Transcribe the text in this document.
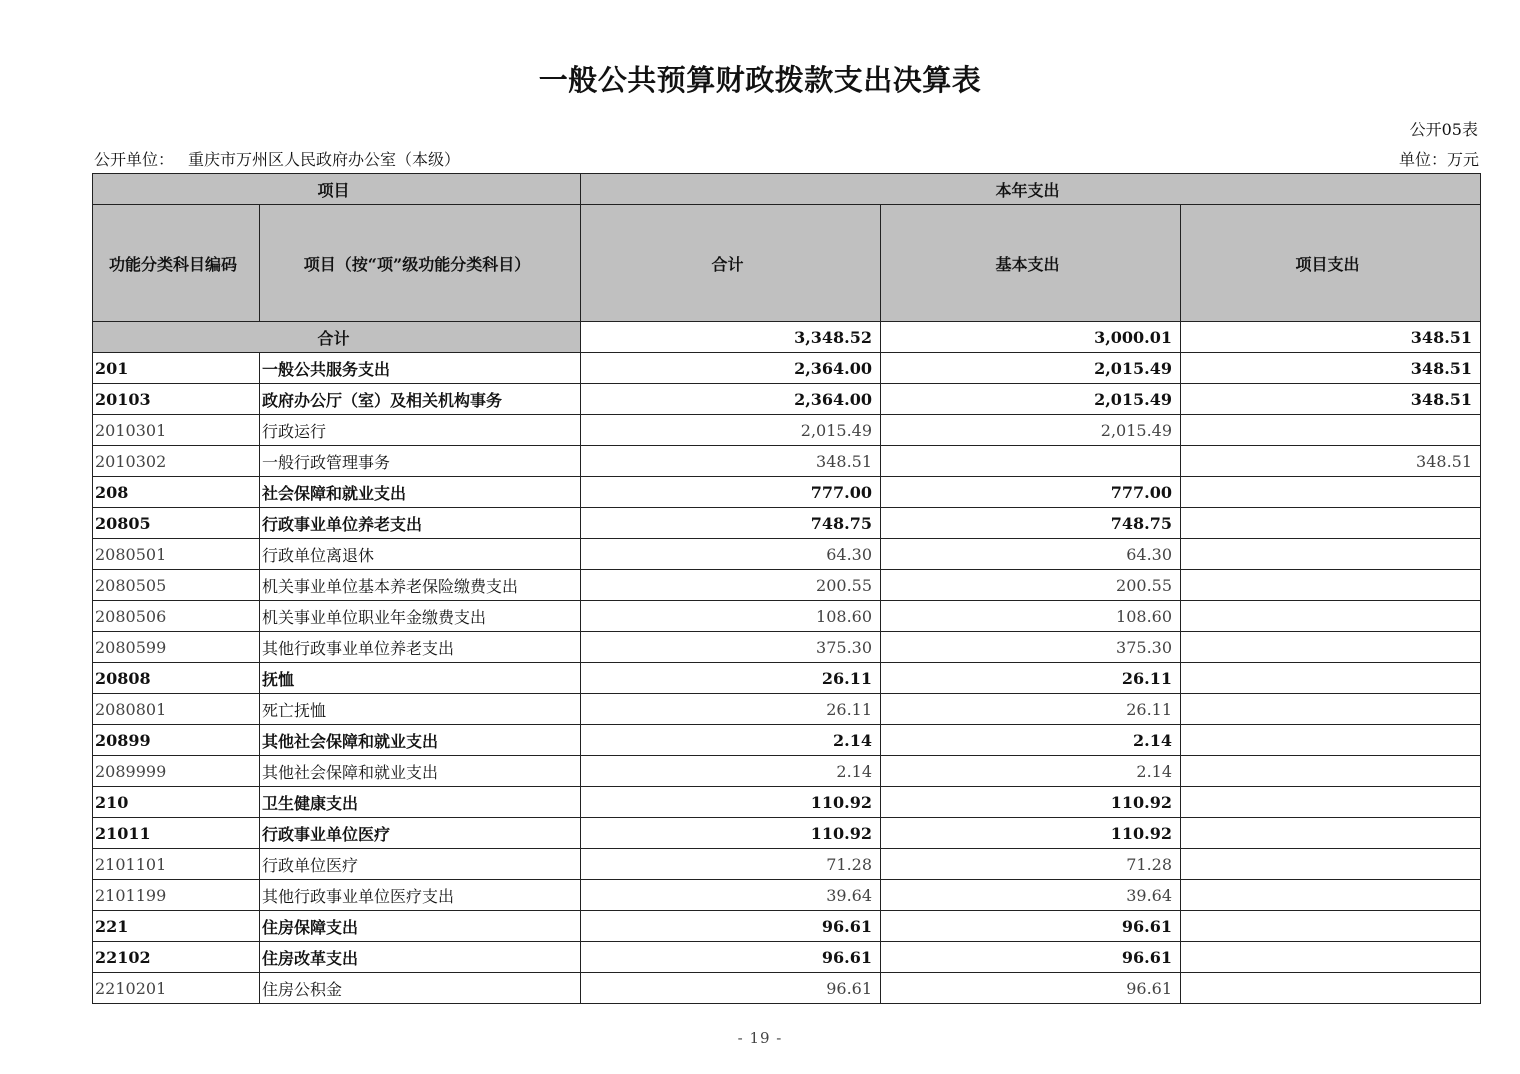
一般公共预算财政拨款支出决算表
公开05表
公开单位： 重庆市万州区人民政府办公室（本级）	单位：万元
项目		本年支出		
功能分类科目编码	项目（按“项”级功能分类科目）	合计	基本支出	项目支出
合计		3,348.52	3,000.01	348.51
201	一般公共服务支出	2,364.00	2,015.49	348.51
20103	政府办公厅（室）及相关机构事务	2,364.00	2,015.49	348.51
2010301	行政运行	2,015.49	2,015.49	
2010302	一般行政管理事务	348.51		348.51
208	社会保障和就业支出	777.00	777.00	
20805	行政事业单位养老支出	748.75	748.75	
2080501	行政单位离退休	64.30	64.30	
2080505	机关事业单位基本养老保险缴费支出	200.55	200.55	
2080506	机关事业单位职业年金缴费支出	108.60	108.60	
2080599	其他行政事业单位养老支出	375.30	375.30	
20808	抚恤	26.11	26.11	
2080801	死亡抚恤	26.11	26.11	
20899	其他社会保障和就业支出	2.14	2.14	
2089999	其他社会保障和就业支出	2.14	2.14	
210	卫生健康支出	110.92	110.92	
21011	行政事业单位医疗	110.92	110.92	
2101101	行政单位医疗	71.28	71.28	
2101199	其他行政事业单位医疗支出	39.64	39.64	
221	住房保障支出	96.61	96.61	
22102	住房改革支出	96.61	96.61	
2210201	住房公积金	96.61	96.61	
- 19 -
